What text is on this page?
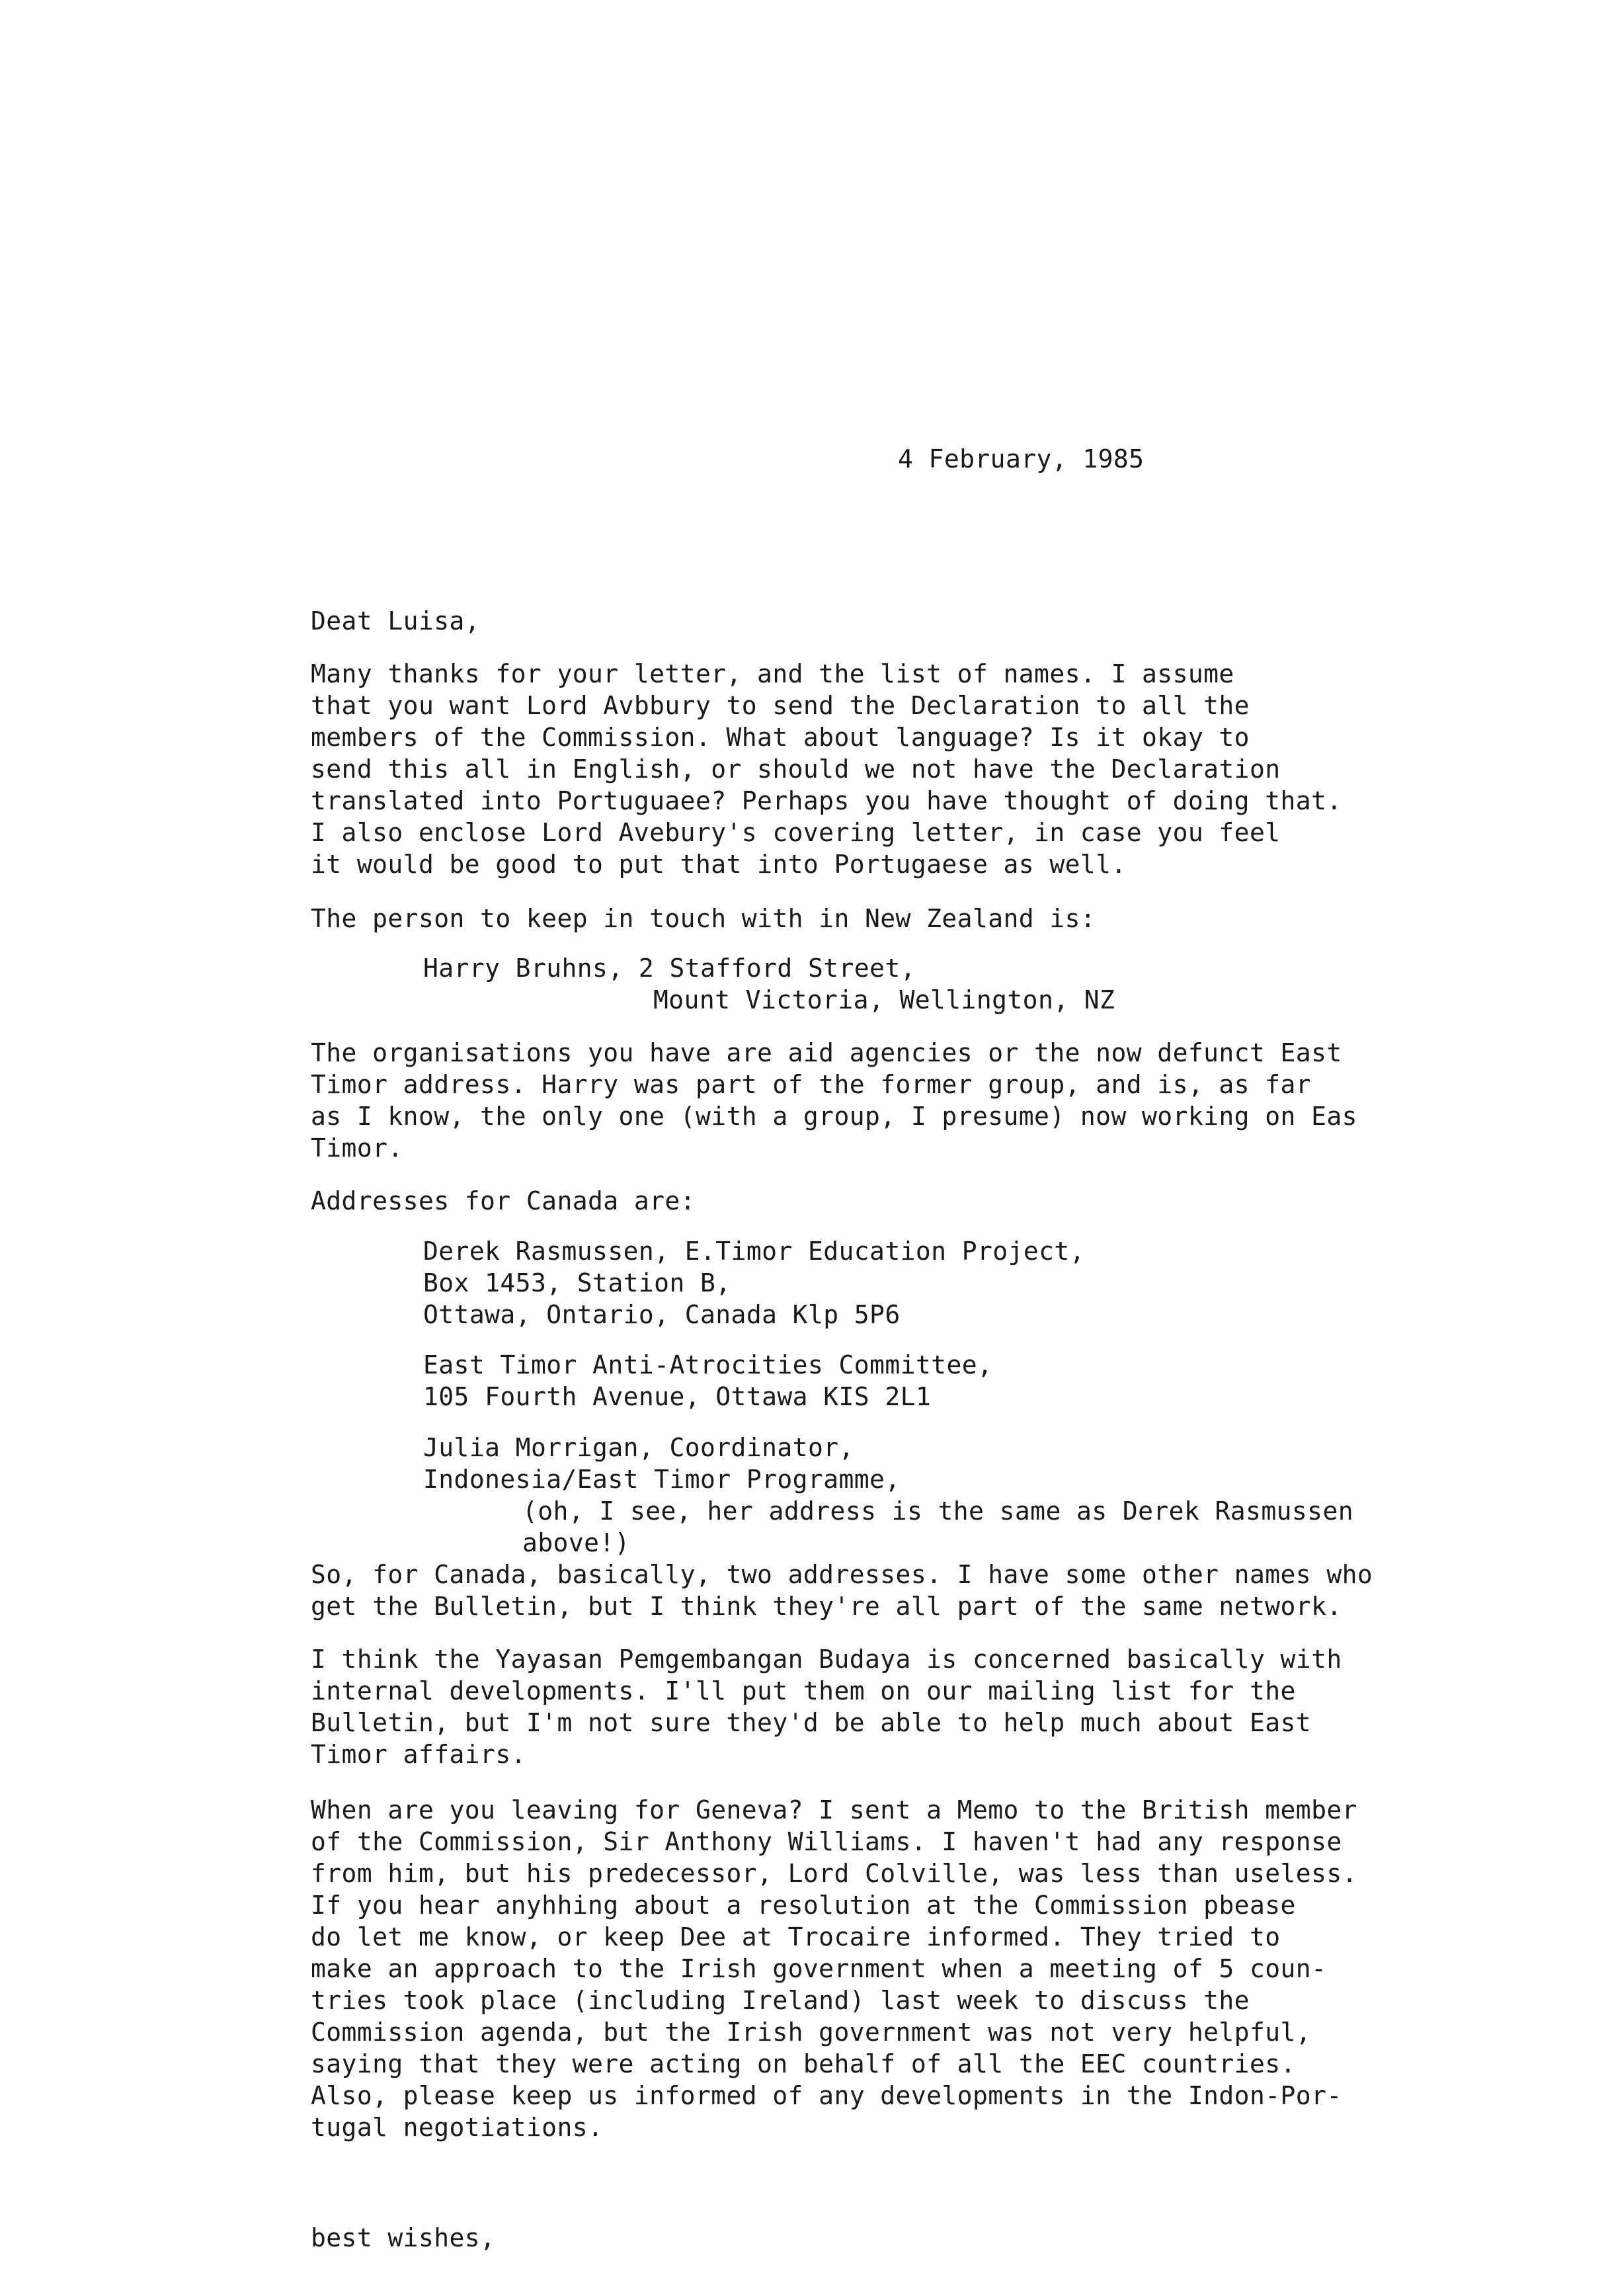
4 February, 1985
Deat Luisa,
Many thanks for your letter, and the list of names. I assume
that you want Lord Avbbury to send the Declaration to all the
members of the Commission. What about language? Is it okay to
send this all in English, or should we not have the Declaration
translated into Portuguaee? Perhaps you have thought of doing that.
I also enclose Lord Avebury's covering letter, in case you feel
it would be good to put that into Portugaese as well.
The person to keep in touch with in New Zealand is:
Harry Bruhns, 2 Stafford Street,
Mount Victoria, Wellington, NZ
The organisations you have are aid agencies or the now defunct East
Timor address. Harry was part of the former group, and is, as far
as I know, the only one (with a group, I presume) now working on Eas
Timor.
Addresses for Canada are:
Derek Rasmussen, E.Timor Education Project,
Box 1453, Station B,
Ottawa, Ontario, Canada Klp 5P6
East Timor Anti-Atrocities Committee,
105 Fourth Avenue, Ottawa KIS 2L1
Julia Morrigan, Coordinator,
Indonesia/East Timor Programme,
(oh, I see, her address is the same as Derek Rasmussen
above!)
So, for Canada, basically, two addresses. I have some other names who
get the Bulletin, but I think they're all part of the same network.
I think the Yayasan Pemgembangan Budaya is concerned basically with
internal developments. I'll put them on our mailing list for the
Bulletin, but I'm not sure they'd be able to help much about East
Timor affairs.
When are you leaving for Geneva? I sent a Memo to the British member
of the Commission, Sir Anthony Williams. I haven't had any response
from him, but his predecessor, Lord Colville, was less than useless.
If you hear anyhhing about a resolution at the Commission pbease
do let me know, or keep Dee at Trocaire informed. They tried to
make an approach to the Irish government when a meeting of 5 coun-
tries took place (including Ireland) last week to discuss the
Commission agenda, but the Irish government was not very helpful,
saying that they were acting on behalf of all the EEC countries.
Also, please keep us informed of any developments in the Indon-Por-
tugal negotiations.
best wishes,
